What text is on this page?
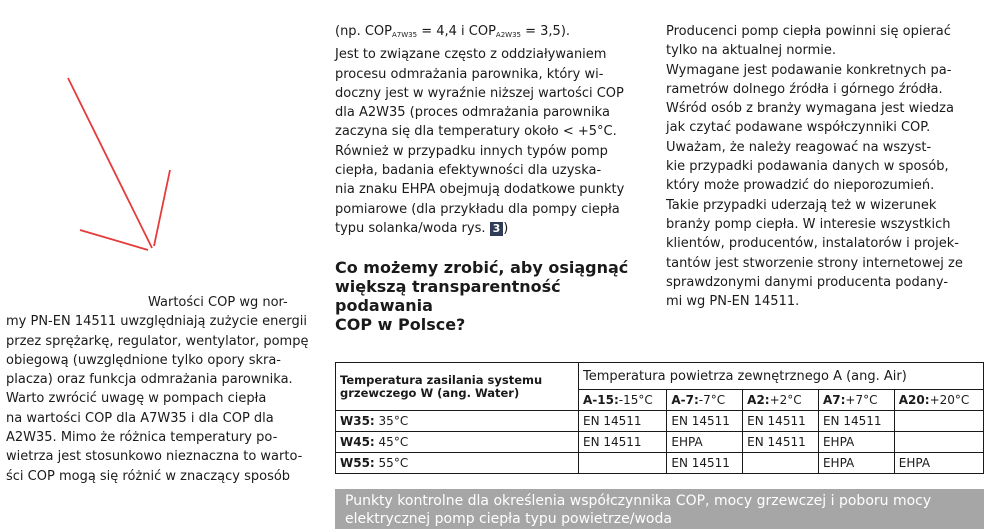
Wartości COP wg nor-

my PN-EN 14511 uwzględniają zużycie energii

przez sprężarkę, regulator, wentylator, pompę

obiegową (uwzględnione tylko opory skra-

placza) oraz funkcja odmrażania parownika.

Warto zwrócić uwagę w pompach ciepła

na wartości COP dla A7W35 i dla COP dla

A2W35. Mimo że różnica temperatury po-

wietrza jest stosunkowo nieznaczna to warto-

ści COP mogą się różnić w znaczący sposób

(np. $COP_{A7W35} = 4,4$ i $COP_{A2W35} = 3,5$).

Jest to związane często z oddziaływaniem

procesu odmrażania parownika, który wi-

doczny jest w wyraźnie niższej wartości COP

dla A2W35 (proces odmrażania parownika

zaczyna się dla temperatury około < +5°C.

Również w przypadku innych typów pomp

ciepła, badania efektywności dla uzyska-

nia znaku EHPA obejmują dodatkowe punkty

pomiarowe (dla przykładu dla pompy ciepła

typu solanka/woda rys. 3 )

Co możemy zrobić, aby osiągnąć

większą transparentność podawania

COP w Polsce?

Producenci pomp ciepła powinni się opierać

tylko na aktualnej normie.

Wymagane jest podawanie konkretnych pa-

rametrów dolnego źródła i górnego źródła.

Wśród osób z branży wymagana jest wiedza

jak czytać podawane współczynniki COP.

Uważam, że należy reagować na wszyst-

kie przypadki podawania danych w sposób,

który może prowadzić do nieporozumień.

Takie przypadki uderzają też w wizerunek

branży pomp ciepła. W interesie wszystkich

klientów, producentów, instalatorów i projek-

tantów jest stworzenie strony internetowej ze

sprawdzonymi danymi producenta podany-

mi wg PN-EN 14511.

Temperatura zasilania systemu grzewczego W (ang. Water)	Temperatura powietrza zewnętrznego A (ang. Air)				
	A-15:-15°C	A-7:-7°C	A2:+2°C	A7:+7°C	A20:+20°C
W35: 35°C	EN 14511	EN 14511	EN 14511	EN 14511	
W45: 45°C	EN 14511	EHPA	EN 14511	EHPA	
W55: 55°C		EN 14511		EHPA	EHPA

Punkty kontrolne dla określenia współczynnika COP, mocy grzewczej i poboru mocy

elektrycznej pomp ciepła typu powietrze/woda
